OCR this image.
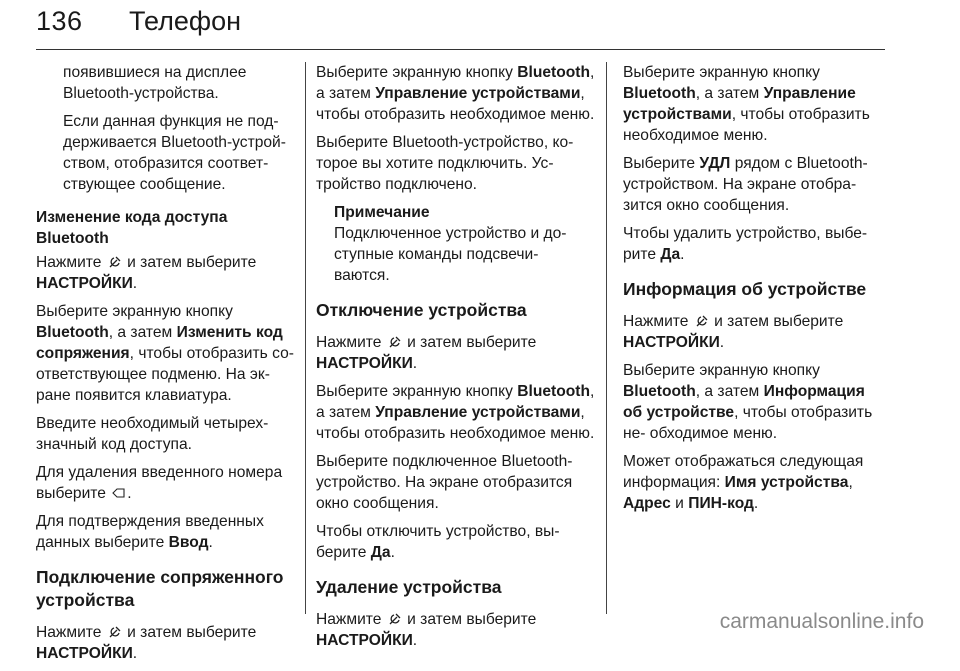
136 Телефон

появившиеся на дисплее Bluetooth-устройства.

Если данная функция не под- держивается Bluetooth-устрой- ством, отобразится соответ- ствующее сообщение.

Изменение кода доступа Bluetooth

Нажмите и затем выберите НАСТРОЙКИ.

Выберите экранную кнопку Bluetooth, а затем Изменить код сопряжения, чтобы отобразить со- ответствующее подменю. На эк- ране появится клавиатура.

Введите необходимый четырех- значный код доступа.

Для удаления введенного номера выберите .

Для подтверждения введенных данных выберите Ввод.

Подключение сопряженного устройства

Нажмите и затем выберите НАСТРОЙКИ.

Выберите экранную кнопку Bluetooth, а затем Управление устройствами, чтобы отобразить необходимое меню.

Выберите Bluetooth-устройство, ко- торое вы хотите подключить. Ус- тройство подключено.

Примечание
Подключенное устройство и до- ступные команды подсвечи- ваются.
Отключение устройства

Нажмите и затем выберите НАСТРОЙКИ.

Выберите экранную кнопку Bluetooth, а затем Управление устройствами, чтобы отобразить необходимое меню.

Выберите подключенное Bluetooth- устройство. На экране отобразится окно сообщения.

Чтобы отключить устройство, вы- берите Да.

Удаление устройства

Нажмите и затем выберите НАСТРОЙКИ.

Выберите экранную кнопку Bluetooth, а затем Управление устройствами, чтобы отобразить необходимое меню.

Выберите УДЛ рядом с Bluetooth- устройством. На экране отобра- зится окно сообщения.

Чтобы удалить устройство, выбе- рите Да.

Информация об устройстве

Нажмите и затем выберите НАСТРОЙКИ.

Выберите экранную кнопку Bluetooth, а затем Информация об устройстве, чтобы отобразить не- обходимое меню.

Может отображаться следующая информация: Имя устройства, Адрес и ПИН-код.

carmanualsonline.info
